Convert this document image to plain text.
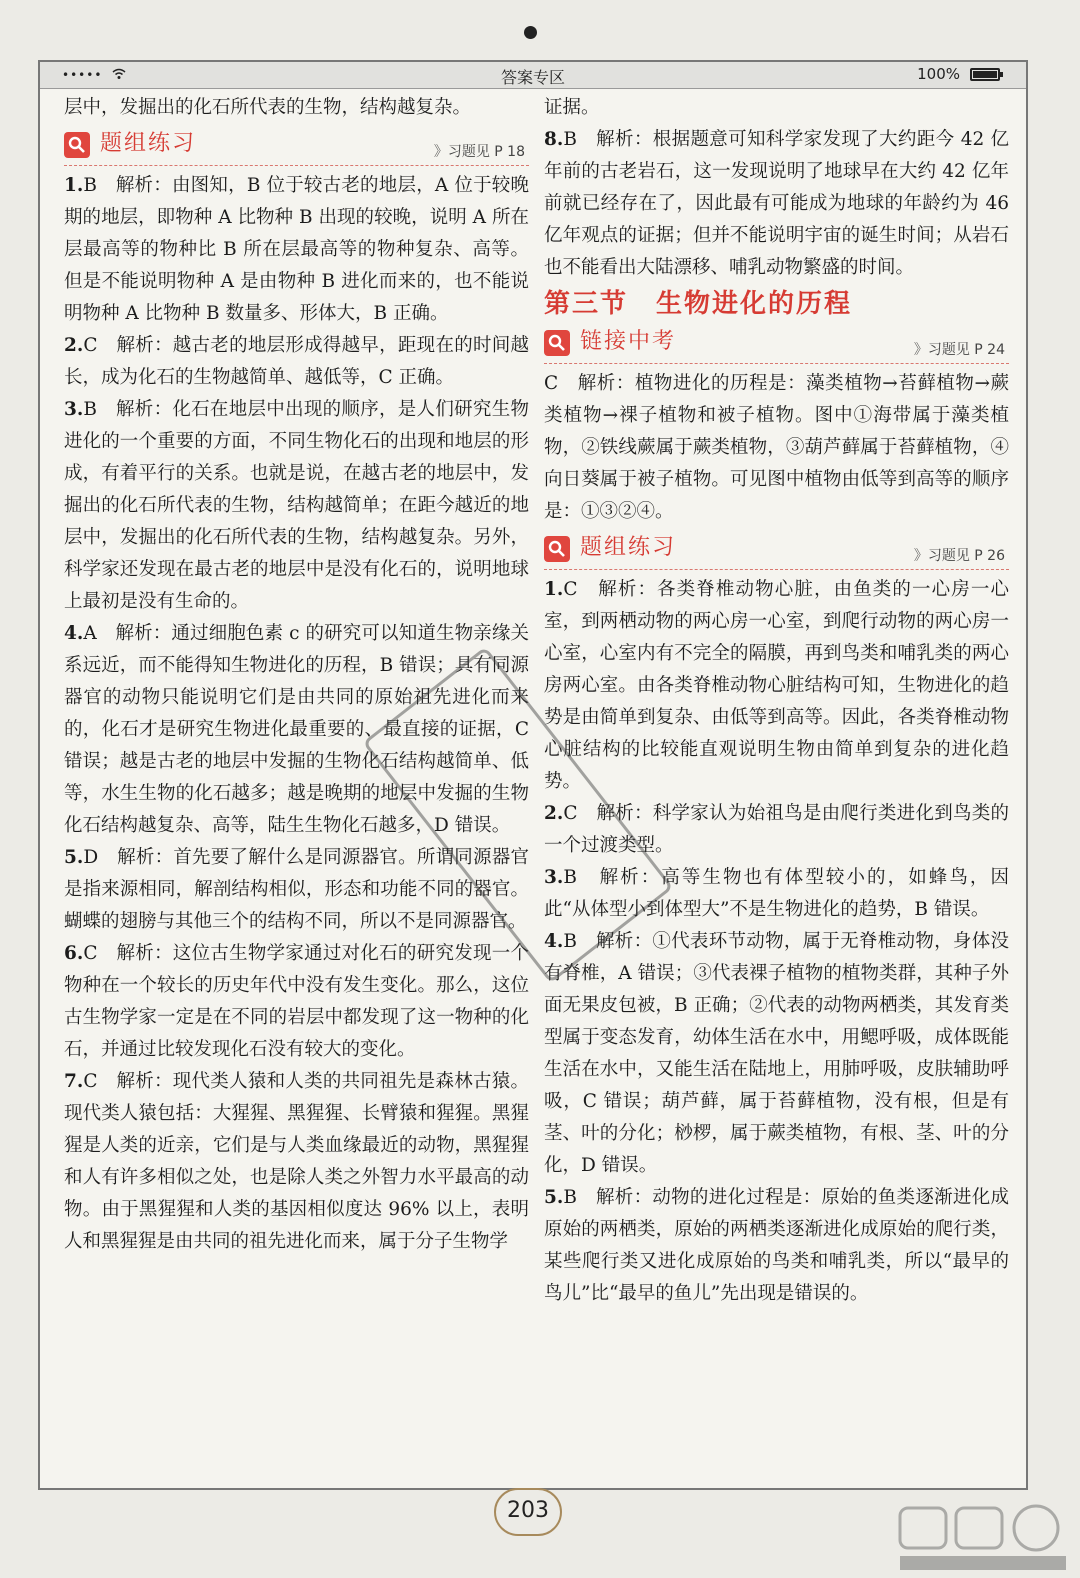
•••••	答案专区	100%

层中，发掘出的化石所代表的生物，结构越复杂。

题组练习	》习题见 P 18

1.B　解析：由图知，B 位于较古老的地层，A 位于较晚期的地层，即物种 A 比物种 B 出现的较晚，说明 A 所在层最高等的物种比 B 所在层最高等的物种复杂、高等。但是不能说明物种 A 是由物种 B 进化而来的，也不能说明物种 A 比物种 B 数量多、形体大，B 正确。

2.C　解析：越古老的地层形成得越早，距现在的时间越长，成为化石的生物越简单、越低等，C 正确。

3.B　解析：化石在地层中出现的顺序，是人们研究生物进化的一个重要的方面，不同生物化石的出现和地层的形成，有着平行的关系。也就是说，在越古老的地层中，发掘出的化石所代表的生物，结构越简单；在距今越近的地层中，发掘出的化石所代表的生物，结构越复杂。另外，科学家还发现在最古老的地层中是没有化石的，说明地球上最初是没有生命的。

4.A　解析：通过细胞色素 c 的研究可以知道生物亲缘关系远近，而不能得知生物进化的历程，B 错误；具有同源器官的动物只能说明它们是由共同的原始祖先进化而来的，化石才是研究生物进化最重要的、最直接的证据，C 错误；越是古老的地层中发掘的生物化石结构越简单、低等，水生生物的化石越多；越是晚期的地层中发掘的生物化石结构越复杂、高等，陆生生物化石越多，D 错误。

5.D　解析：首先要了解什么是同源器官。所谓同源器官是指来源相同，解剖结构相似，形态和功能不同的器官。蝴蝶的翅膀与其他三个的结构不同，所以不是同源器官。

6.C　解析：这位古生物学家通过对化石的研究发现一个物种在一个较长的历史年代中没有发生变化。那么，这位古生物学家一定是在不同的岩层中都发现了这一物种的化石，并通过比较发现化石没有较大的变化。

7.C　解析：现代类人猿和人类的共同祖先是森林古猿。现代类人猿包括：大猩猩、黑猩猩、长臂猿和猩猩。黑猩猩是人类的近亲，它们是与人类血缘最近的动物，黑猩猩和人有许多相似之处，也是除人类之外智力水平最高的动物。由于黑猩猩和人类的基因相似度达 96% 以上，表明人和黑猩猩是由共同的祖先进化而来，属于分子生物学

证据。

8.B　解析：根据题意可知科学家发现了大约距今 42 亿年前的古老岩石，这一发现说明了地球早在大约 42 亿年前就已经存在了，因此最有可能成为地球的年龄约为 46 亿年观点的证据；但并不能说明宇宙的诞生时间；从岩石也不能看出大陆漂移、哺乳动物繁盛的时间。

第三节　生物进化的历程
链接中考	》习题见 P 24

C　解析：植物进化的历程是：藻类植物→苔藓植物→蕨类植物→裸子植物和被子植物。图中①海带属于藻类植物，②铁线蕨属于蕨类植物，③葫芦藓属于苔藓植物，④向日葵属于被子植物。可见图中植物由低等到高等的顺序是：①③②④。

题组练习	》习题见 P 26

1.C　解析：各类脊椎动物心脏，由鱼类的一心房一心室，到两栖动物的两心房一心室，到爬行动物的两心房一心室，心室内有不完全的隔膜，再到鸟类和哺乳类的两心房两心室。由各类脊椎动物心脏结构可知，生物进化的趋势是由简单到复杂、由低等到高等。因此，各类脊椎动物心脏结构的比较能直观说明生物由简单到复杂的进化趋势。

2.C　解析：科学家认为始祖鸟是由爬行类进化到鸟类的一个过渡类型。

3.B　解析：高等生物也有体型较小的，如蜂鸟，因此“从体型小到体型大”不是生物进化的趋势，B 错误。

4.B　解析：①代表环节动物，属于无脊椎动物，身体没有脊椎，A 错误；③代表裸子植物的植物类群，其种子外面无果皮包被，B 正确；②代表的动物两栖类，其发育类型属于变态发育，幼体生活在水中，用鳃呼吸，成体既能生活在水中，又能生活在陆地上，用肺呼吸，皮肤辅助呼吸，C 错误；葫芦藓，属于苔藓植物，没有根，但是有茎、叶的分化；桫椤，属于蕨类植物，有根、茎、叶的分化，D 错误。

5.B　解析：动物的进化过程是：原始的鱼类逐渐进化成原始的两栖类，原始的两栖类逐渐进化成原始的爬行类，某些爬行类又进化成原始的鸟类和哺乳类，所以“最早的鸟儿”比“最早的鱼儿”先出现是错误的。

203
